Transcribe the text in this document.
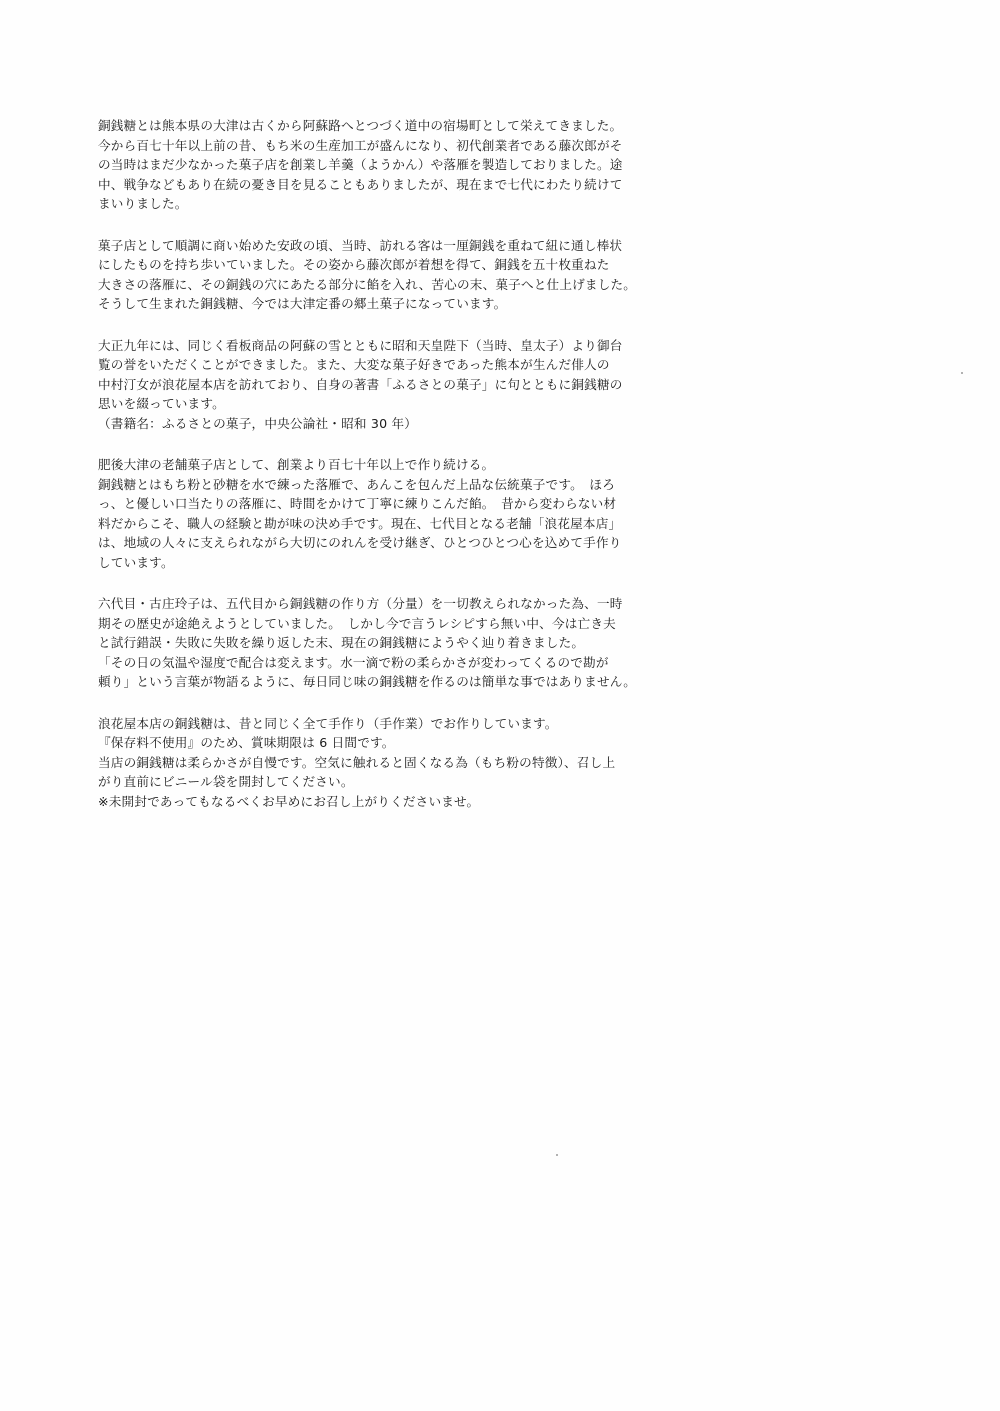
銅銭糖とは熊本県の大津は古くから阿蘇路へとつづく道中の宿場町として栄えてきました。
今から百七十年以上前の昔、もち米の生産加工が盛んになり、初代創業者である藤次郎がそ
の当時はまだ少なかった菓子店を創業し羊羹（ようかん）や落雁を製造しておりました。途
中、戦争などもあり在続の憂き目を見ることもありましたが、現在まで七代にわたり続けて
まいりました。
菓子店として順調に商い始めた安政の頃、当時、訪れる客は一厘銅銭を重ねて紐に通し棒状
にしたものを持ち歩いていました。その姿から藤次郎が着想を得て、銅銭を五十枚重ねた
大きさの落雁に、その銅銭の穴にあたる部分に餡を入れ、苦心の末、菓子へと仕上げました。
そうして生まれた銅銭糖、今では大津定番の郷土菓子になっています。
大正九年には、同じく看板商品の阿蘇の雪とともに昭和天皇陛下（当時、皇太子）より御台
覧の誉をいただくことができました。また、大変な菓子好きであった熊本が生んだ俳人の
中村汀女が浪花屋本店を訪れており、自身の著書「ふるさとの菓子」に句とともに銅銭糖の
思いを綴っています。
（書籍名：ふるさとの菓子，中央公論社・昭和 30 年）
肥後大津の老舗菓子店として、創業より百七十年以上で作り続ける。
銅銭糖とはもち粉と砂糖を水で練った落雁で、あんこを包んだ上品な伝統菓子です。　ほろ
っ、と優しい口当たりの落雁に、時間をかけて丁寧に練りこんだ餡。　昔から変わらない材
料だからこそ、職人の経験と勘が味の決め手です。現在、七代目となる老舗「浪花屋本店」
は、地域の人々に支えられながら大切にのれんを受け継ぎ、ひとつひとつ心を込めて手作り
しています。
六代目・古庄玲子は、五代目から銅銭糖の作り方（分量）を一切教えられなかった為、一時
期その歴史が途絶えようとしていました。　しかし今で言うレシピすら無い中、今は亡き夫
と試行錯誤・失敗に失敗を繰り返した末、現在の銅銭糖にようやく辿り着きました。
「その日の気温や湿度で配合は変えます。水一滴で粉の柔らかさが変わってくるので勘が
頼り」という言葉が物語るように、毎日同じ味の銅銭糖を作るのは簡単な事ではありません。
浪花屋本店の銅銭糖は、昔と同じく全て手作り（手作業）でお作りしています。
『保存料不使用』のため、賞味期限は 6 日間です。
当店の銅銭糖は柔らかさが自慢です。空気に触れると固くなる為（もち粉の特徴）、召し上
がり直前にビニール袋を開封してください。
※未開封であってもなるべくお早めにお召し上がりくださいませ。
